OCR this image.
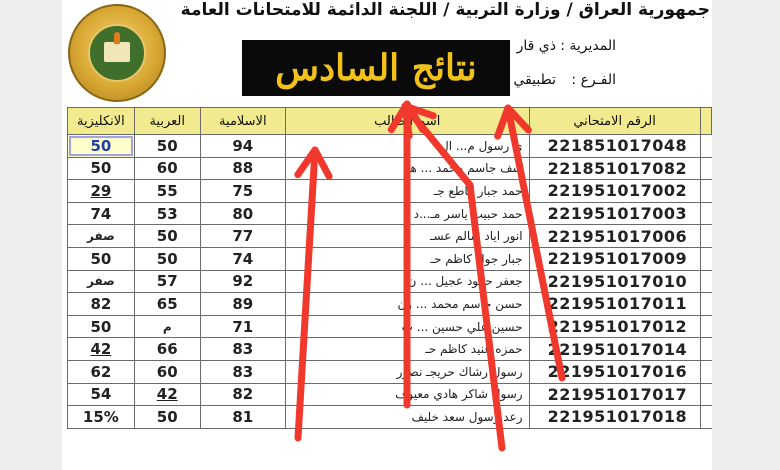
جمهورية العراق / وزارة التربية / اللجنة الدائمة للامتحانات العامة
نتائج السادس
المديرية :
ذي قار
الفـرع :
تطبيقي
الانكليزية	العربية	الاسلامية	اسم الطالب	الرقم الامتحاني	
50	50	94	ي رسول م... ال	221851017048	
50	60	88	سف جاسم محمد ... هد	221851017082	
29	55	75	حمد جبار كاطع جـ	221951017002	
74	53	80	حمد حبيب ياسر مـ...د	221951017003	
صفر	50	77	انور اياد سالم عسـ	221951017006	
50	50	74	جبار جواد كاظم حـ	221951017009	
صفر	57	92	جعفر حمود عجيل ... ن	221951017010	
82	65	89	حسن جاسم محمد ... ون	221951017011	
50	م	71	حسين علي حسين ... ب	221951017012	
42	66	83	حمزه عنيد كاظم حـ	221951017014	
62	60	83	رسول رشاك حريجـ نصور	221951017016	
54	42	82	رسول شاكر هادي معيوف	221951017017	
15%	50	81	رعد رسول سعد خليف	221951017018	
